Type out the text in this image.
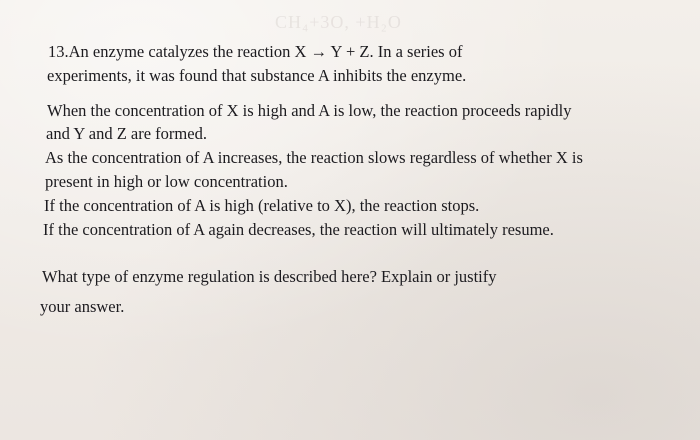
CH₄+3O, +H₂O
13.An enzyme catalyzes the reaction X → Y + Z. In a series of
experiments, it was found that substance A inhibits the enzyme.
When the concentration of X is high and A is low, the reaction proceeds rapidly
and Y and Z are formed.
As the concentration of A increases, the reaction slows regardless of whether X is
present in high or low concentration.
If the concentration of A is high (relative to X), the reaction stops.
If the concentration of A again decreases, the reaction will ultimately resume.
What type of enzyme regulation is described here? Explain or justify
your answer.
